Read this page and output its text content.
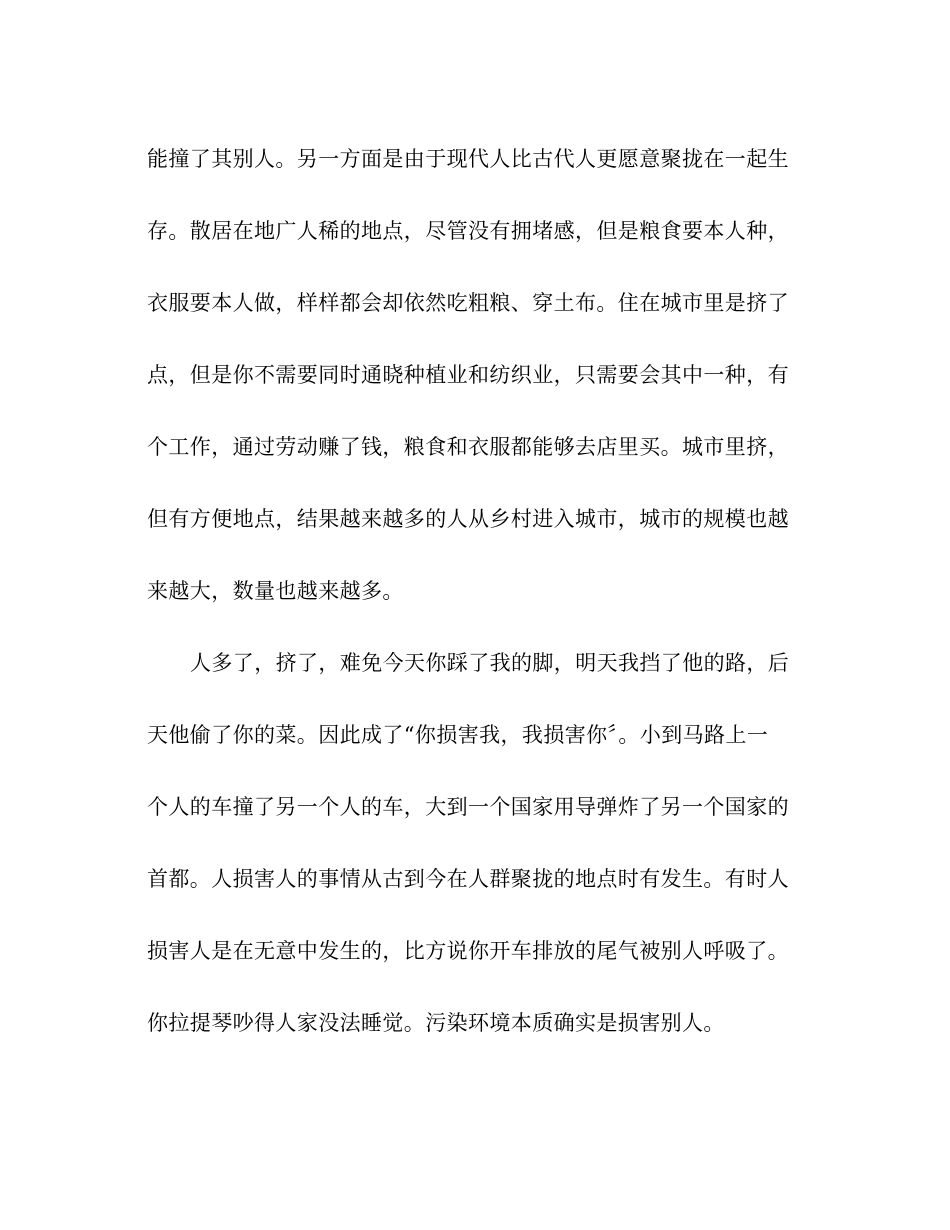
能撞了其别人。另一方面是由于现代人比古代人更愿意聚拢在一起生
存。散居在地广人稀的地点，尽管没有拥堵感，但是粮食要本人种，
衣服要本人做，样样都会却依然吃粗粮、穿土布。住在城市里是挤了
点，但是你不需要同时通晓种植业和纺织业，只需要会其中一种，有
个工作，通过劳动赚了钱，粮食和衣服都能够去店里买。城市里挤，
但有方便地点，结果越来越多的人从乡村进入城市，城市的规模也越
来越大，数量也越来越多。
人多了，挤了，难免今天你踩了我的脚，明天我挡了他的路，后
天他偷了你的菜。因此成了“你损害我，我损害你〞。小到马路上一
个人的车撞了另一个人的车，大到一个国家用导弹炸了另一个国家的
首都。人损害人的事情从古到今在人群聚拢的地点时有发生。有时人
损害人是在无意中发生的，比方说你开车排放的尾气被别人呼吸了。
你拉提琴吵得人家没法睡觉。污染环境本质确实是损害别人。
